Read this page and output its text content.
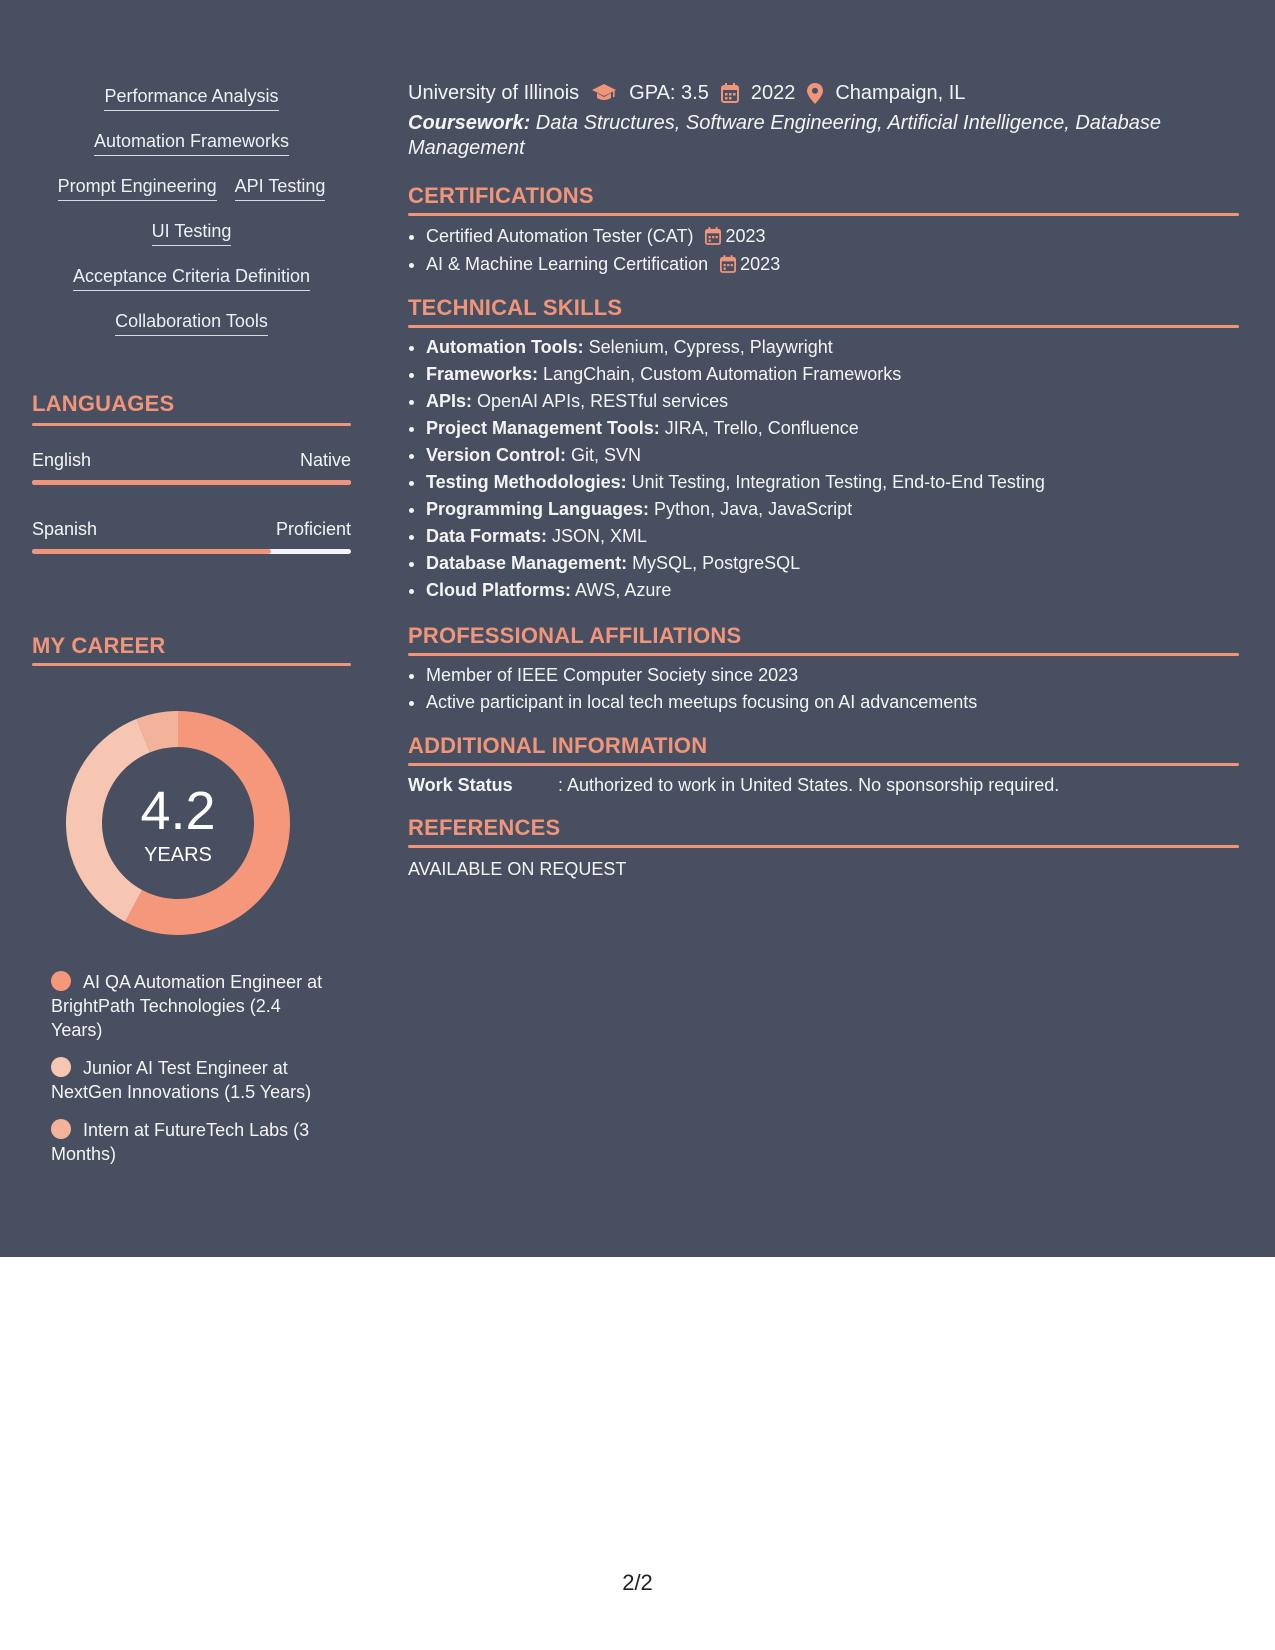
Performance Analysis
Automation Frameworks
Prompt Engineering API Testing
UI Testing
Acceptance Criteria Definition
Collaboration Tools
LANGUAGES
English	Native
Spanish	Proficient
MY CAREER
4.2
YEARS
AI QA Automation Engineer at BrightPath Technologies (2.4 Years)
Junior AI Test Engineer at NextGen Innovations (1.5 Years)
Intern at FutureTech Labs (3 Months)
University of Illinois	GPA: 3.5 2022 Champaign, IL
Coursework: Data Structures, Software Engineering, Artificial Intelligence, Database Management
CERTIFICATIONS
• Certified Automation Tester (CAT) 2023
• AI & Machine Learning Certification 2023
TECHNICAL SKILLS
• Automation Tools: Selenium, Cypress, Playwright
• Frameworks: LangChain, Custom Automation Frameworks
• APIs: OpenAI APIs, RESTful services
• Project Management Tools: JIRA, Trello, Confluence
• Version Control: Git, SVN
• Testing Methodologies: Unit Testing, Integration Testing, End-to-End Testing
• Programming Languages: Python, Java, JavaScript
• Data Formats: JSON, XML
• Database Management: MySQL, PostgreSQL
• Cloud Platforms: AWS, Azure
PROFESSIONAL AFFILIATIONS
• Member of IEEE Computer Society since 2023
• Active participant in local tech meetups focusing on AI advancements
ADDITIONAL INFORMATION
Work Status	: Authorized to work in United States. No sponsorship required.
REFERENCES
AVAILABLE ON REQUEST
2/2
